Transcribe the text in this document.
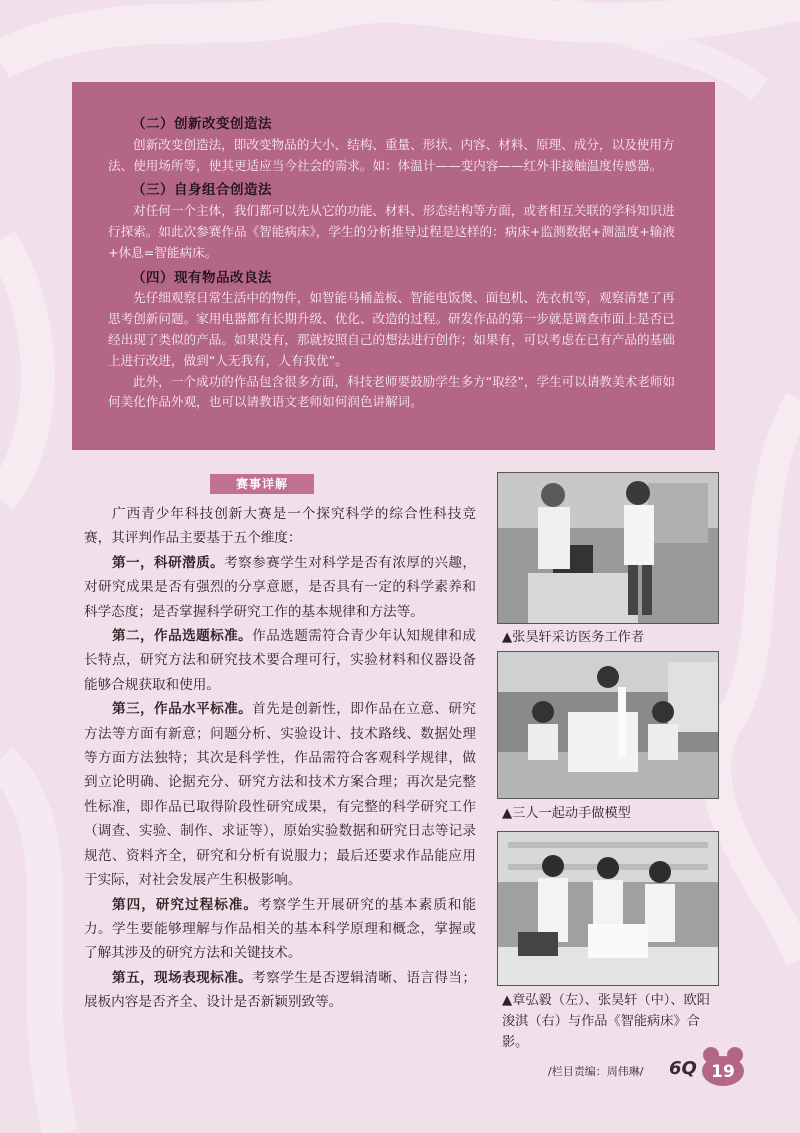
（二）创新改变创造法

创新改变创造法，即改变物品的大小、结构、重量、形状、内容、材料、原理、成分，以及使用方法、使用场所等，使其更适应当今社会的需求。如：体温计——变内容——红外非接触温度传感器。

（三）自身组合创造法

对任何一个主体，我们都可以先从它的功能、材料、形态结构等方面，或者相互关联的学科知识进行探索。如此次参赛作品《智能病床》，学生的分析推导过程是这样的：病床+监测数据+测温度+输液+休息=智能病床。

（四）现有物品改良法

先仔细观察日常生活中的物件，如智能马桶盖板、智能电饭煲、面包机、洗衣机等，观察清楚了再思考创新问题。家用电器都有长期升级、优化、改造的过程。研发作品的第一步就是调查市面上是否已经出现了类似的产品。如果没有，那就按照自己的想法进行创作；如果有，可以考虑在已有产品的基础上进行改进，做到“人无我有，人有我优”。

此外，一个成功的作品包含很多方面，科技老师要鼓励学生多方“取经”，学生可以请教美术老师如何美化作品外观，也可以请教语文老师如何润色讲解词。

赛事详解

广西青少年科技创新大赛是一个探究科学的综合性科技竞赛，其评判作品主要基于五个维度：

第一，科研潜质。考察参赛学生对科学是否有浓厚的兴趣，对研究成果是否有强烈的分享意愿，是否具有一定的科学素养和科学态度；是否掌握科学研究工作的基本规律和方法等。

第二，作品选题标准。作品选题需符合青少年认知规律和成长特点，研究方法和研究技术要合理可行，实验材料和仪器设备能够合规获取和使用。

第三，作品水平标准。首先是创新性，即作品在立意、研究方法等方面有新意；问题分析、实验设计、技术路线、数据处理等方面方法独特；其次是科学性，作品需符合客观科学规律，做到立论明确、论据充分、研究方法和技术方案合理；再次是完整性标准，即作品已取得阶段性研究成果，有完整的科学研究工作（调查、实验、制作、求证等），原始实验数据和研究日志等记录规范、资料齐全，研究和分析有说服力；最后还要求作品能应用于实际，对社会发展产生积极影响。

第四，研究过程标准。考察学生开展研究的基本素质和能力。学生要能够理解与作品相关的基本科学原理和概念，掌握或了解其涉及的研究方法和关键技术。

第五，现场表现标准。考察学生是否逻辑清晰、语言得当；展板内容是否齐全、设计是否新颖别致等。

▲张昊轩采访医务工作者
▲三人一起动手做模型
▲章弘毅（左）、张昊轩（中）、欧阳浚淇（右）与作品《智能病床》合影。
/栏目责编：周伟琳/ 6Q 19
